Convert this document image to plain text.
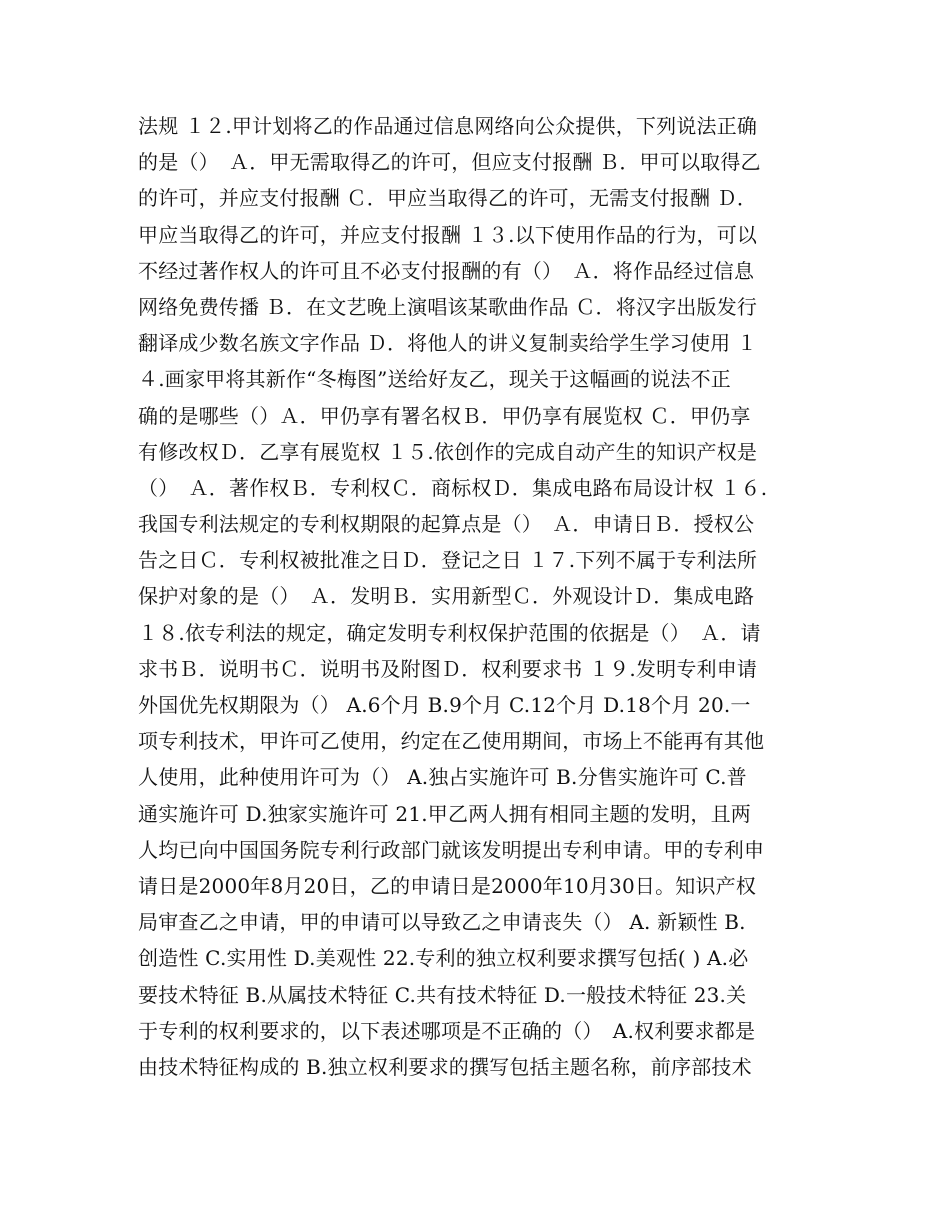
法规 １２.甲计划将乙的作品通过信息网络向公众提供，下列说法正确
的是（）　Ａ．甲无需取得乙的许可，但应支付报酬 Ｂ．甲可以取得乙
的许可，并应支付报酬 Ｃ．甲应当取得乙的许可，无需支付报酬 Ｄ．
甲应当取得乙的许可，并应支付报酬 １３.以下使用作品的行为，可以
不经过著作权人的许可且不必支付报酬的有（）　Ａ．将作品经过信息
网络免费传播 Ｂ．在文艺晚上演唱该某歌曲作品 Ｃ．将汉字出版发行
翻译成少数名族文字作品 Ｄ．将他人的讲义复制卖给学生学习使用 １
４.画家甲将其新作“冬梅图”送给好友乙，现关于这幅画的说法不正
确的是哪些（）Ａ．甲仍享有署名权Ｂ．甲仍享有展览权 Ｃ．甲仍享
有修改权Ｄ．乙享有展览权 １５.依创作的完成自动产生的知识产权是
（）　Ａ．著作权Ｂ．专利权Ｃ．商标权Ｄ．集成电路布局设计权 １６.
我国专利法规定的专利权期限的起算点是（）　Ａ．申请日Ｂ．授权公
告之日Ｃ．专利权被批准之日Ｄ．登记之日 １７.下列不属于专利法所
保护对象的是（）　Ａ．发明Ｂ．实用新型Ｃ．外观设计Ｄ．集成电路
１８.依专利法的规定，确定发明专利权保护范围的依据是（）　Ａ．请
求书Ｂ．说明书Ｃ．说明书及附图Ｄ．权利要求书 １９.发明专利申请
外国优先权期限为（） A.6个月 B.9个月 C.12个月 D.18个月 20.一
项专利技术，甲许可乙使用，约定在乙使用期间，市场上不能再有其他
人使用，此种使用许可为（） A.独占实施许可 B.分售实施许可 C.普
通实施许可 D.独家实施许可 21.甲乙两人拥有相同主题的发明，且两
人均已向中国国务院专利行政部门就该发明提出专利申请。甲的专利申
请日是2000年8月20日，乙的申请日是2000年10月30日。知识产权
局审查乙之申请，甲的申请可以导致乙之申请丧失（） A. 新颖性 B.
创造性 C.实用性 D.美观性 22.专利的独立权利要求撰写包括( ) A.必
要技术特征 B.从属技术特征 C.共有技术特征 D.一般技术特征 23.关
于专利的权利要求的，以下表述哪项是不正确的（）　A.权利要求都是
由技术特征构成的 B.独立权利要求的撰写包括主题名称，前序部技术
